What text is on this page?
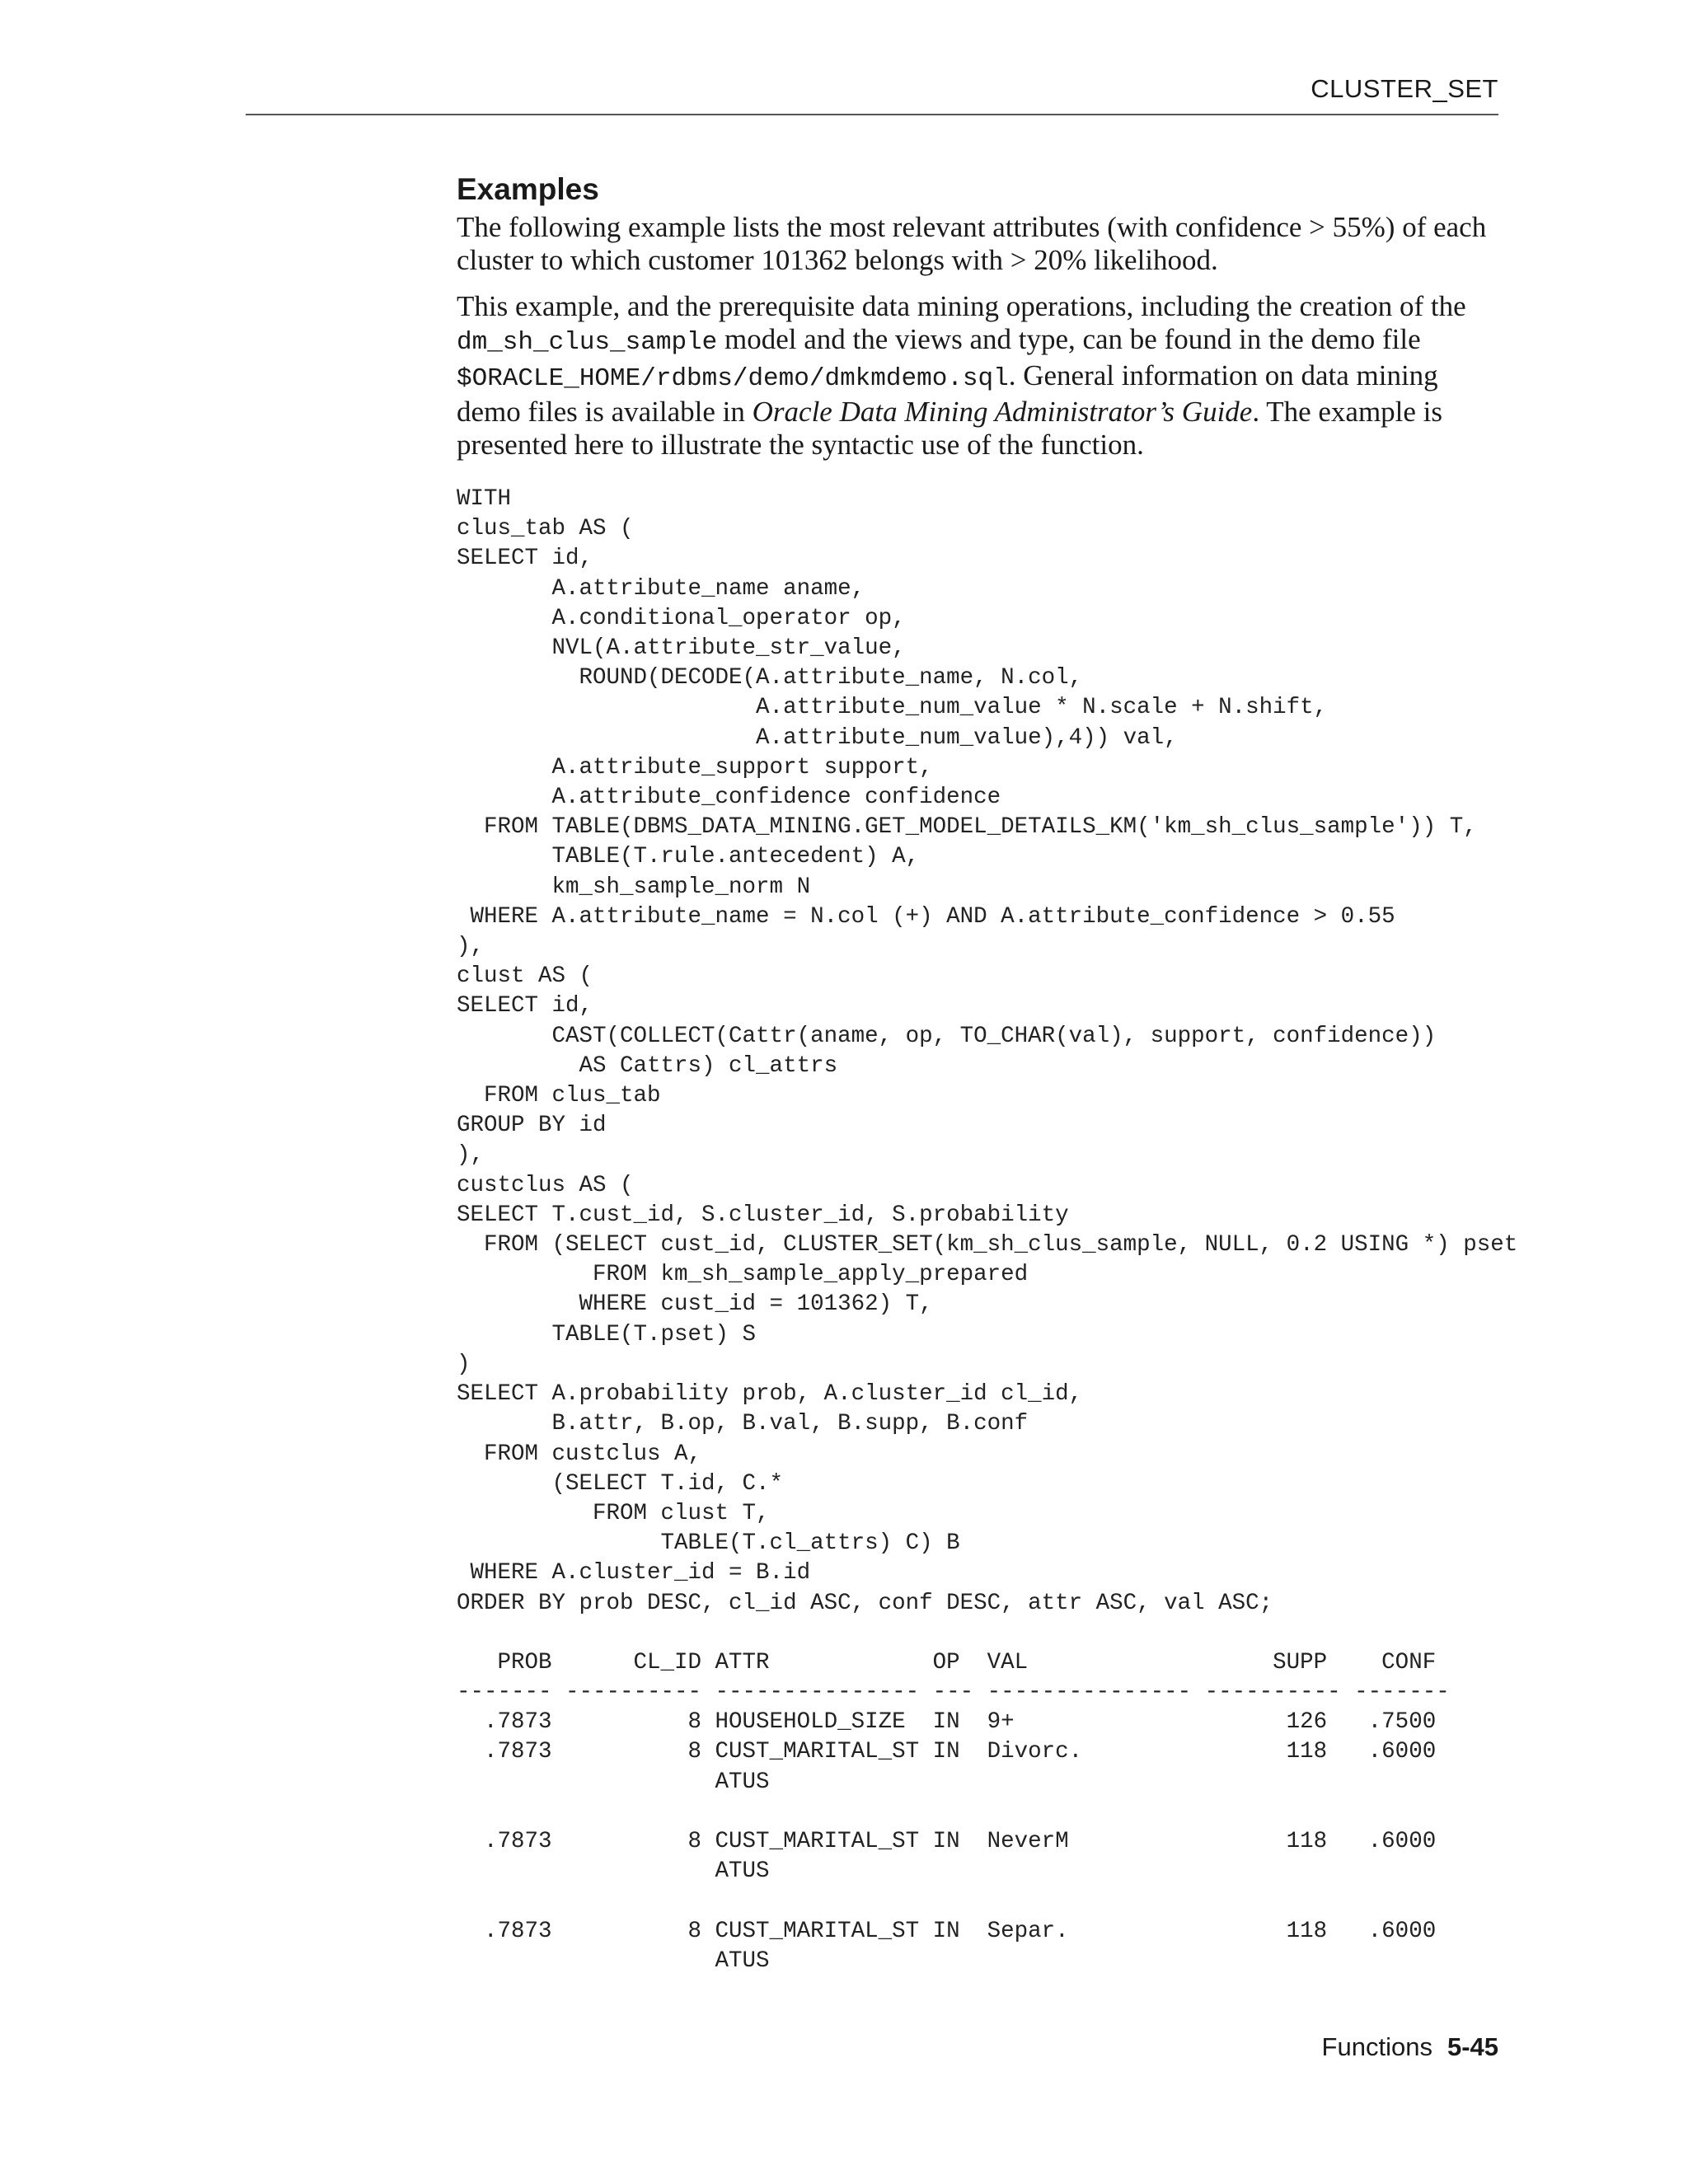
CLUSTER_SET
Examples

The following example lists the most relevant attributes (with confidence > 55%) of each cluster to which customer 101362 belongs with > 20% likelihood.

This example, and the prerequisite data mining operations, including the creation of the dm_sh_clus_sample model and the views and type, can be found in the demo file $ORACLE_HOME/rdbms/demo/dmkmdemo.sql. General information on data mining demo files is available in Oracle Data Mining Administrator’s Guide. The example is presented here to illustrate the syntactic use of the function.

WITH
clus_tab AS (
SELECT id,
A.attribute_name aname,
A.conditional_operator op,
NVL(A.attribute_str_value,
ROUND(DECODE(A.attribute_name, N.col,
A.attribute_num_value * N.scale + N.shift,
A.attribute_num_value),4)) val,
A.attribute_support support,
A.attribute_confidence confidence
FROM TABLE(DBMS_DATA_MINING.GET_MODEL_DETAILS_KM('km_sh_clus_sample')) T,
TABLE(T.rule.antecedent) A,
km_sh_sample_norm N
WHERE A.attribute_name = N.col (+) AND A.attribute_confidence > 0.55
),
clust AS (
SELECT id,
CAST(COLLECT(Cattr(aname, op, TO_CHAR(val), support, confidence))
AS Cattrs) cl_attrs
FROM clus_tab
GROUP BY id
),
custclus AS (
SELECT T.cust_id, S.cluster_id, S.probability
FROM (SELECT cust_id, CLUSTER_SET(km_sh_clus_sample, NULL, 0.2 USING *) pset
FROM km_sh_sample_apply_prepared
WHERE cust_id = 101362) T,
TABLE(T.pset) S
)
SELECT A.probability prob, A.cluster_id cl_id,
B.attr, B.op, B.val, B.supp, B.conf
FROM custclus A,
(SELECT T.id, C.*
FROM clust T,
TABLE(T.cl_attrs) C) B
WHERE A.cluster_id = B.id
ORDER BY prob DESC, cl_id ASC, conf DESC, attr ASC, val ASC;
PROB      CL_ID ATTR            OP  VAL                  SUPP    CONF
------- ---------- --------------- --- --------------- ---------- -------
.7873          8 HOUSEHOLD_SIZE  IN  9+                    126   .7500
.7873          8 CUST_MARITAL_ST IN  Divorc.               118   .6000
ATUS

.7873          8 CUST_MARITAL_ST IN  NeverM                118   .6000
ATUS

.7873          8 CUST_MARITAL_ST IN  Separ.                118   .6000
ATUS
Functions 5-45
